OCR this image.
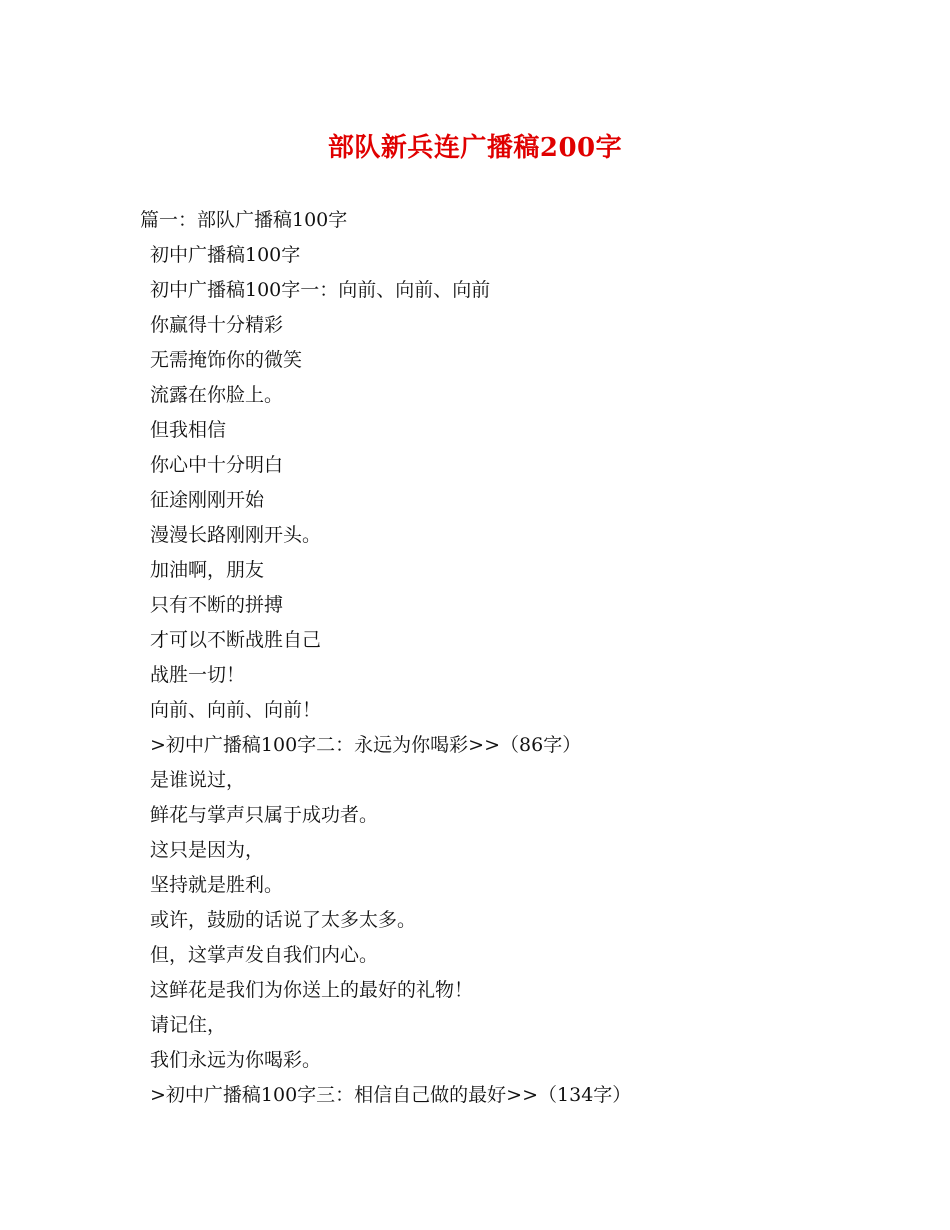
部队新兵连广播稿200字
篇一：部队广播稿100字
初中广播稿100字
初中广播稿100字一：向前、向前、向前
你赢得十分精彩
无需掩饰你的微笑
流露在你脸上。
但我相信
你心中十分明白
征途刚刚开始
漫漫长路刚刚开头。
加油啊，朋友
只有不断的拼搏
才可以不断战胜自己
战胜一切！
向前、向前、向前！
>初中广播稿100字二：永远为你喝彩>>（86字）
是谁说过，
鲜花与掌声只属于成功者。
这只是因为，
坚持就是胜利。
或许，鼓励的话说了太多太多。
但，这掌声发自我们内心。
这鲜花是我们为你送上的最好的礼物！
请记住，
我们永远为你喝彩。
>初中广播稿100字三：相信自己做的最好>>（134字）
